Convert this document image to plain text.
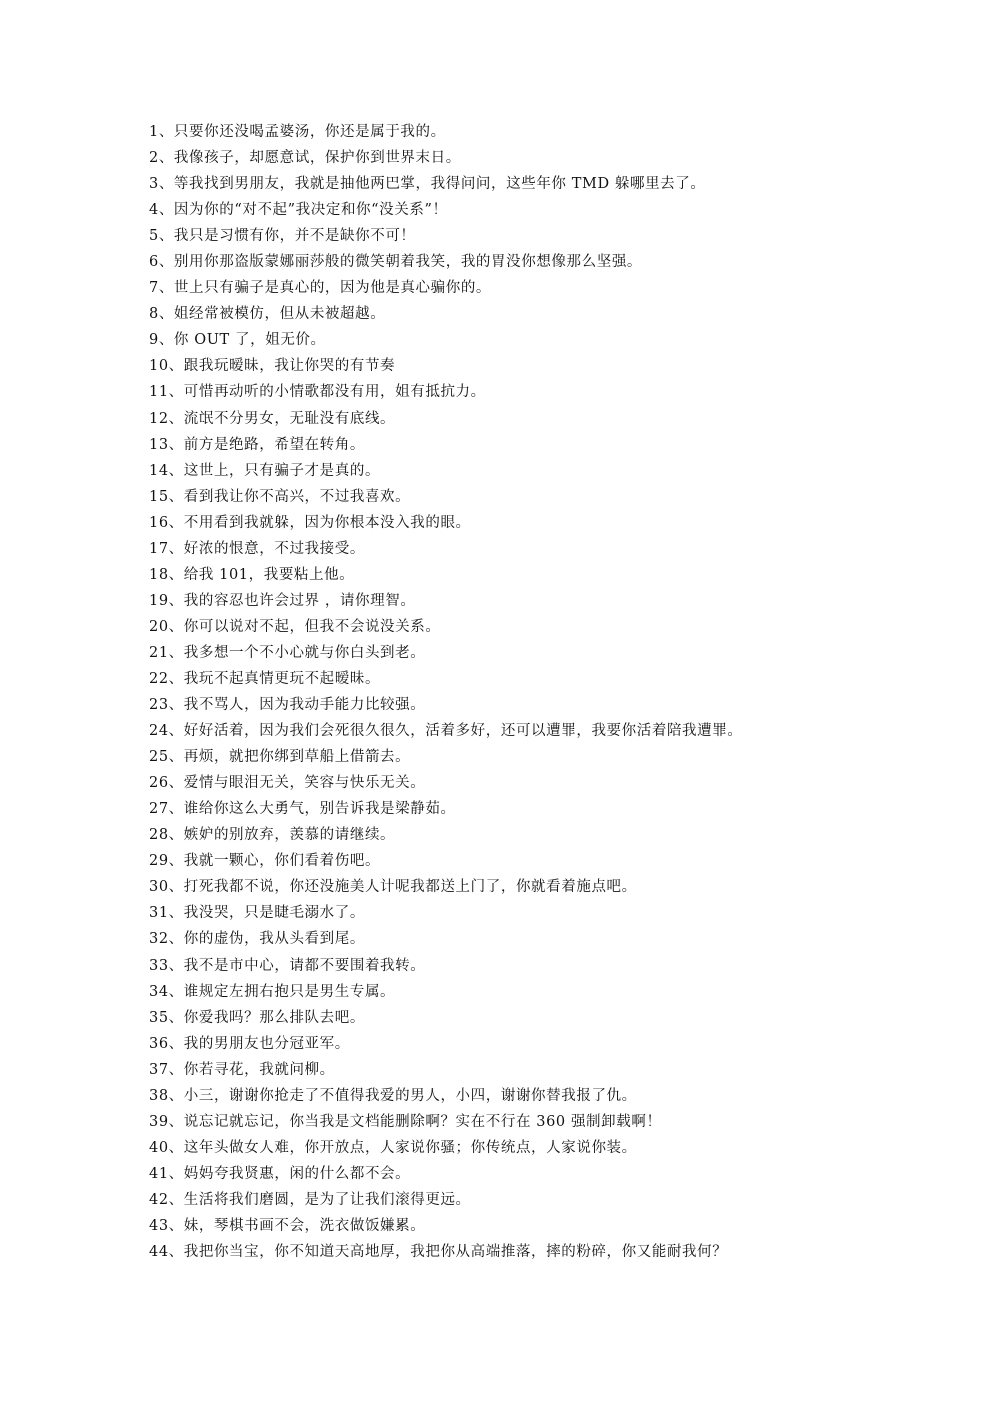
1、只要你还没喝孟婆汤，你还是属于我的。
2、我像孩子，却愿意试，保护你到世界末日。
3、等我找到男朋友，我就是抽他两巴掌，我得问问，这些年你 TMD 躲哪里去了。
4、因为你的“对不起”我决定和你“没关系”！
5、我只是习惯有你，并不是缺你不可！
6、别用你那盗版蒙娜丽莎般的微笑朝着我笑，我的胃没你想像那么坚强。
7、世上只有骗子是真心的，因为他是真心骗你的。
8、姐经常被模仿，但从未被超越。
9、你 OUT 了，姐无价。
10、跟我玩暧昧，我让你哭的有节奏
11、可惜再动听的小情歌都没有用，姐有抵抗力。
12、流氓不分男女，无耻没有底线。
13、前方是绝路，希望在转角。
14、这世上，只有骗子才是真的。
15、看到我让你不高兴，不过我喜欢。
16、不用看到我就躲，因为你根本没入我的眼。
17、好浓的恨意，不过我接受。
18、给我 101，我要粘上他。
19、我的容忍也许会过界 ，请你理智。
20、你可以说对不起，但我不会说没关系。
21、我多想一个不小心就与你白头到老。
22、我玩不起真情更玩不起暧昧。
23、我不骂人，因为我动手能力比较强。
24、好好活着，因为我们会死很久很久，活着多好，还可以遭罪，我要你活着陪我遭罪。
25、再烦，就把你绑到草船上借箭去。
26、爱情与眼泪无关，笑容与快乐无关。
27、谁给你这么大勇气，别告诉我是梁静茹。
28、嫉妒的别放弃，羡慕的请继续。
29、我就一颗心，你们看着伤吧。
30、打死我都不说，你还没施美人计呢我都送上门了，你就看着施点吧。
31、我没哭，只是睫毛溺水了。
32、你的虚伪，我从头看到尾。
33、我不是市中心，请都不要围着我转。
34、谁规定左拥右抱只是男生专属。
35、你爱我吗？那么排队去吧。
36、我的男朋友也分冠亚军。
37、你若寻花，我就问柳。
38、小三，谢谢你抢走了不值得我爱的男人，小四，谢谢你替我报了仇。
39、说忘记就忘记，你当我是文档能删除啊？实在不行在 360 强制卸载啊！
40、这年头做女人难，你开放点，人家说你骚；你传统点，人家说你装。
41、妈妈夸我贤惠，闲的什么都不会。
42、生活将我们磨圆，是为了让我们滚得更远。
43、妹，琴棋书画不会，洗衣做饭嫌累。
44、我把你当宝，你不知道天高地厚，我把你从高端推落，摔的粉碎，你又能耐我何？
